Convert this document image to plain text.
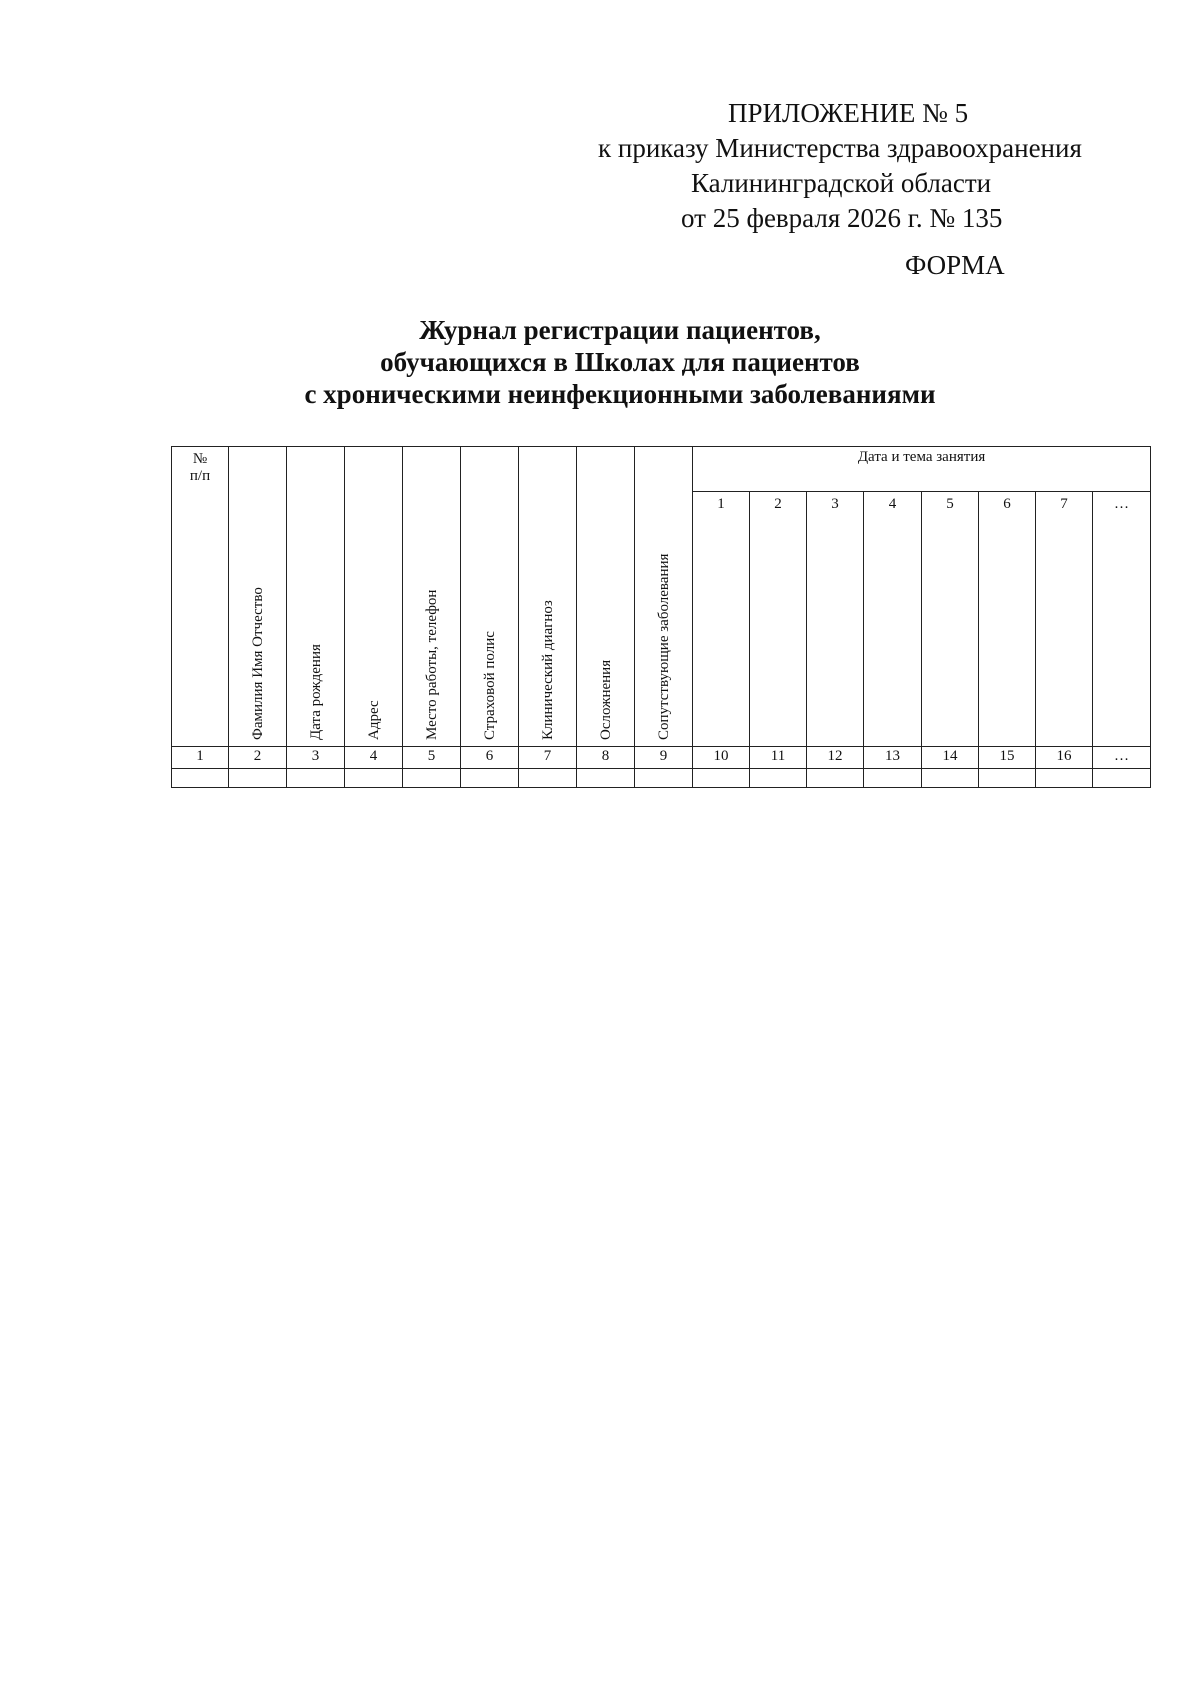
ПРИЛОЖЕНИЕ № 5
к приказу Министерства здравоохранения
Калининградской области
от 25 февраля 2026 г. № 135
ФОРМА
Журнал регистрации пациентов,
обучающихся в Школах для пациентов
с хроническими неинфекционными заболеваниями
№
п/п	Фамилия Имя Отчество	Дата рождения	Адрес	Место работы, телефон	Страховой полис	Клинический диагноз	Осложнения	Сопутствующие заболевания	Дата и тема занятия							
									1	2	3	4	5	6	7	…
1	2	3	4	5	6	7	8	9	10	11	12	13	14	15	16	…
